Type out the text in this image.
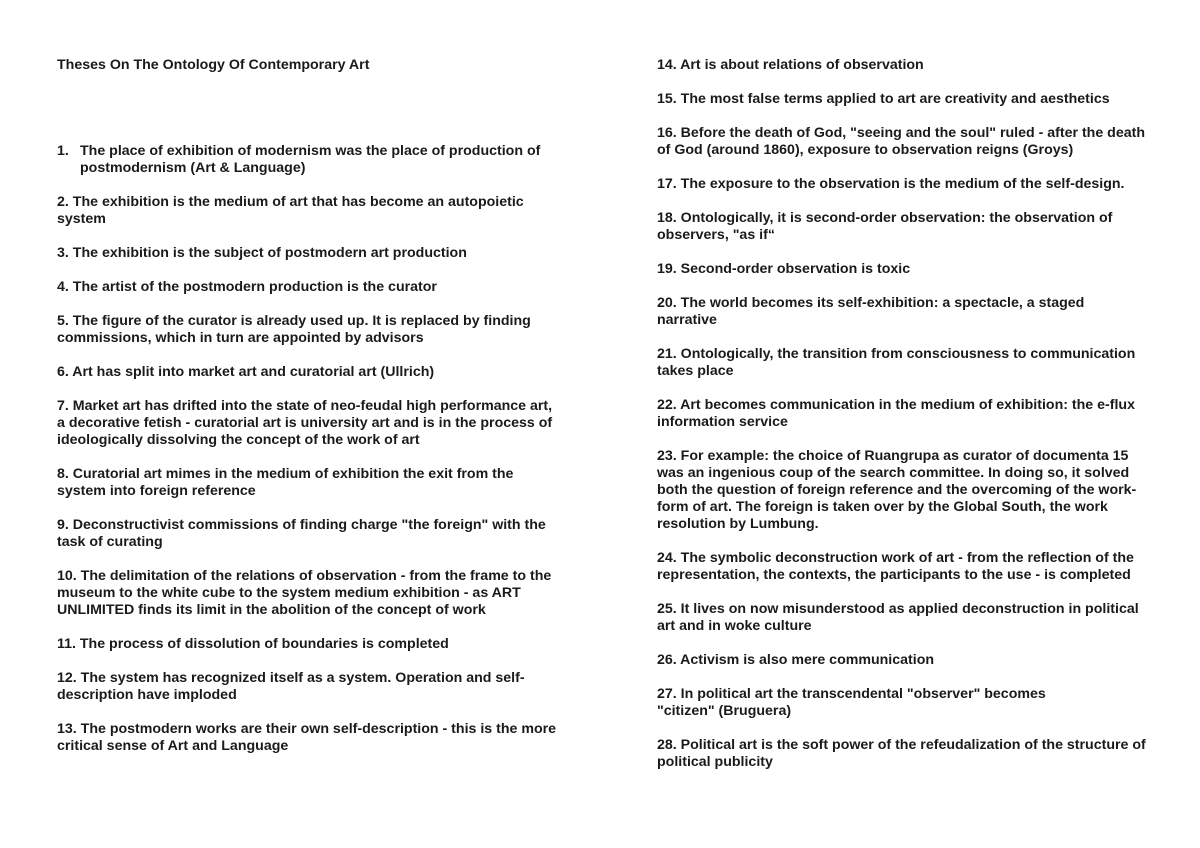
Theses On The Ontology Of Contemporary Art
1. The place of exhibition of modernism was the place of production of postmodernism (Art & Language)
2. The exhibition is the medium of art that has become an autopoietic system
3. The exhibition is the subject of postmodern art production
4. The artist of the postmodern production is the curator
5. The figure of the curator is already used up. It is replaced by finding commissions, which in turn are appointed by advisors
6. Art has split into market art and curatorial art (Ullrich)
7. Market art has drifted into the state of neo-feudal high performance art, a decorative fetish - curatorial art is university art and is in the process of ideologically dissolving the concept of the work of art
8. Curatorial art mimes in the medium of exhibition the exit from the system into foreign reference
9. Deconstructivist commissions of finding charge "the foreign" with the task of curating
10. The delimitation of the relations of observation - from the frame to the museum to the white cube to the system medium exhibition - as ART UNLIMITED finds its limit in the abolition of the concept of work
11. The process of dissolution of boundaries is completed
12. The system has recognized itself as a system. Operation and self-description have imploded
13. The postmodern works are their own self-description - this is the more critical sense of Art and Language
14. Art is about relations of observation
15. The most false terms applied to art are creativity and aesthetics
16. Before the death of God, "seeing and the soul" ruled - after the death of God (around 1860), exposure to observation reigns (Groys)
17. The exposure to the observation is the medium of the self-design.
18. Ontologically, it is second-order observation: the observation of observers, "as if“
19. Second-order observation is toxic
20. The world becomes its self-exhibition: a spectacle, a staged narrative
21. Ontologically, the transition from consciousness to communication takes place
22. Art becomes communication in the medium of exhibition: the e-flux information service
23. For example: the choice of Ruangrupa as curator of documenta 15 was an ingenious coup of the search committee. In doing so, it solved both the question of foreign reference and the overcoming of the work-form of art. The foreign is taken over by the Global South, the work resolution by Lumbung.
24. The symbolic deconstruction work of art - from the reflection of the representation, the contexts, the participants to the use - is completed
25. It lives on now misunderstood as applied deconstruction in political art and in woke culture
26. Activism is also mere communication
27. In political art the transcendental "observer" becomes
"citizen" (Bruguera)
28. Political art is the soft power of the refeudalization of the structure of political publicity
